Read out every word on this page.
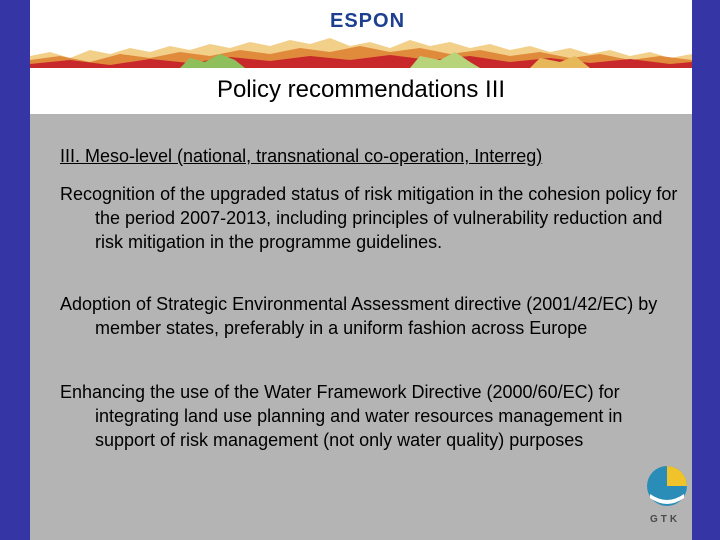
ESPON
Policy recommendations III
III. Meso-level (national, transnational co-operation, Interreg)
Recognition of the upgraded status of risk mitigation in the cohesion policy for the period 2007-2013, including principles of vulnerability reduction and risk mitigation in the programme guidelines.
Adoption of Strategic Environmental Assessment directive (2001/42/EC) by member states, preferably in a uniform fashion across Europe
Enhancing the use of the Water Framework Directive (2000/60/EC) for integrating land use planning and water resources management in support of risk management (not only water quality) purposes
GTK
